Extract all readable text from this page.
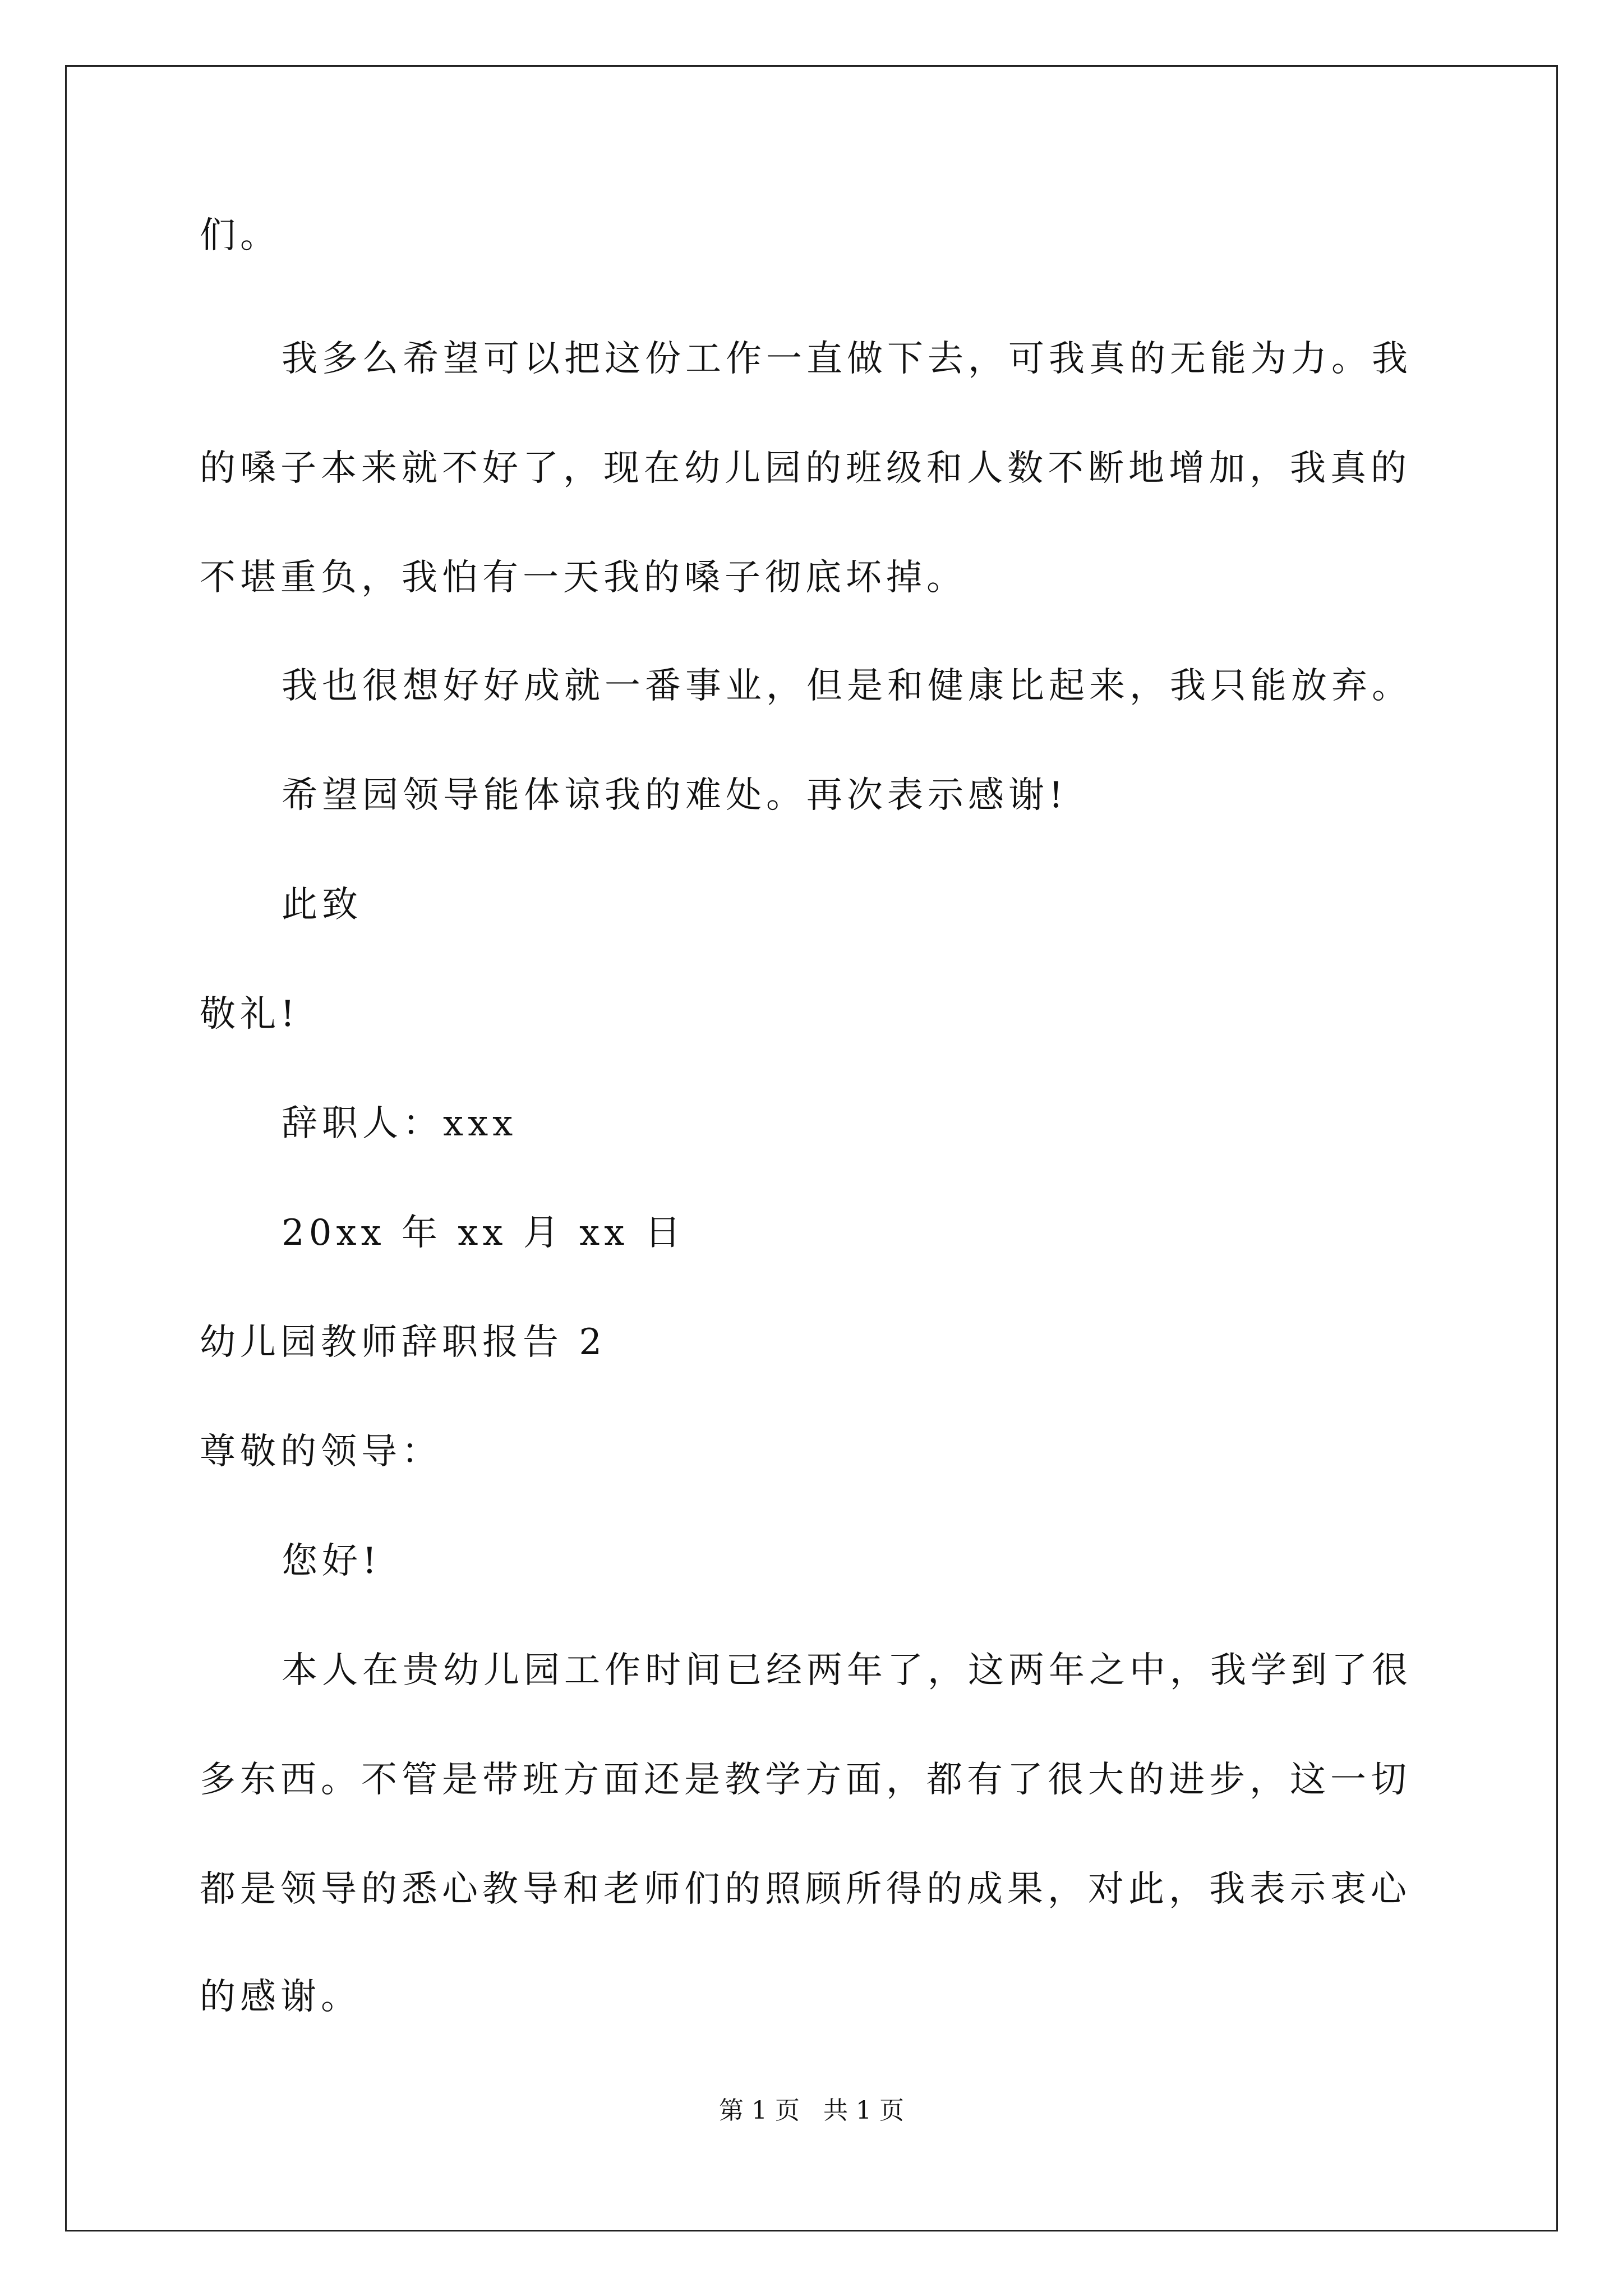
们。
我多么希望可以把这份工作一直做下去，可我真的无能为力。我
的嗓子本来就不好了，现在幼儿园的班级和人数不断地增加，我真的
不堪重负，我怕有一天我的嗓子彻底坏掉。
我也很想好好成就一番事业，但是和健康比起来，我只能放弃。
希望园领导能体谅我的难处。再次表示感谢!
此致
敬礼!
辞职人：xxx
20xx 年 xx 月 xx 日
幼儿园教师辞职报告 2
尊敬的领导：
您好!
本人在贵幼儿园工作时间已经两年了，这两年之中，我学到了很
多东西。不管是带班方面还是教学方面，都有了很大的进步，这一切
都是领导的悉心教导和老师们的照顾所得的成果，对此，我表示衷心
的感谢。
第 1 页   共 1 页
